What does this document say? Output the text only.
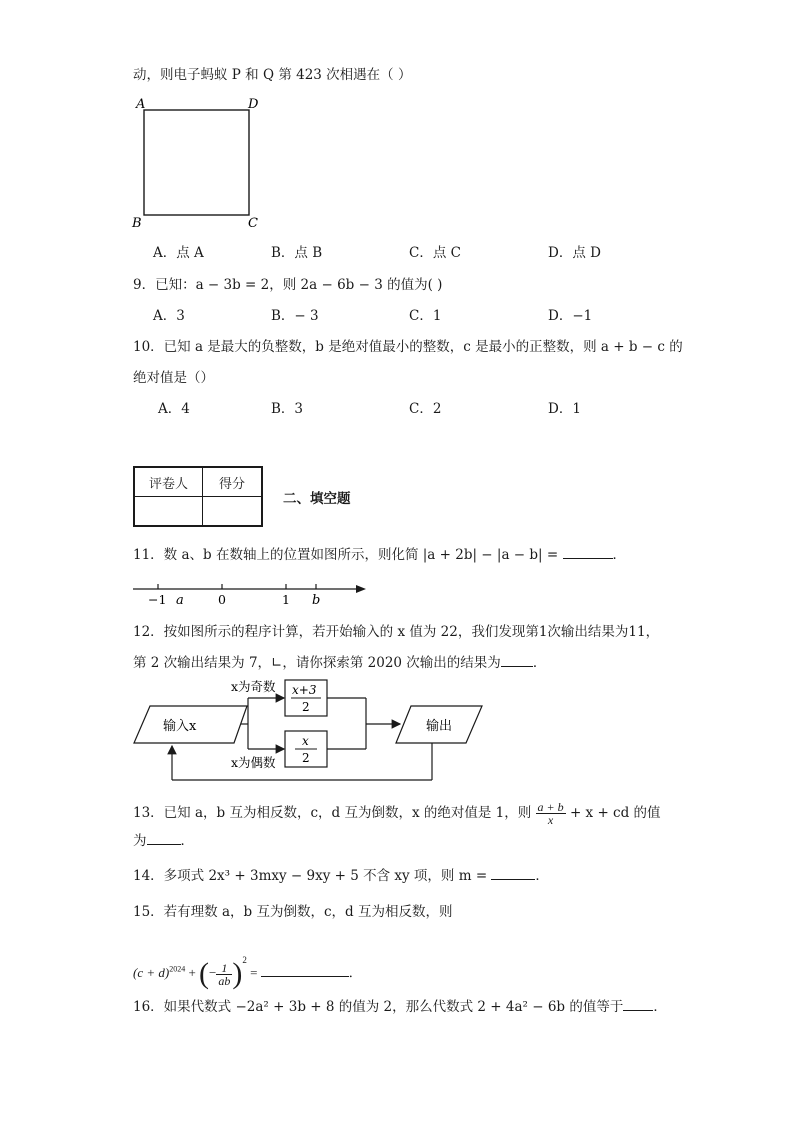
动，则电子蚂蚁 P 和 Q 第 423 次相遇在（ ）
A	D
B	C
A．点 A	B．点 B	C．点 C	D．点 D
9．已知：a − 3b = 2，则 2a − 6b − 3 的值为( )
A．3	B．− 3	C．1	D．−1
10．已知 a 是最大的负整数，b 是绝对值最小的整数，c 是最小的正整数，则 a + b − c 的
绝对值是（）
A．4	B．3	C．2	D．1
评卷人	得分

二、填空题
11．数 a、b 在数轴上的位置如图所示，则化简 |a + 2b| − |a − b| =	．
−1 a	0	1 b
12．按如图所示的程序计算，若开始输入的 x 值为 22，我们发现第1次输出结果为11，
第 2 次输出结果为 7，∟，请你探索第 2020 次输出的结果为 ．
输入x
x为奇数
x为偶数
x+3
2
x
2
输出
13．已知 a，b 互为相反数，c，d 互为倒数，x 的绝对值是 1，则 $\frac{a + b}{x} + x$ + cd 的值
为	．
14．多项式 2x³ + 3mxy − 9xy + 5 不含 xy 项，则 m =	．
15．若有理数 a，b 互为倒数，c，d 互为相反数，则
$(c + d)^{2024}$ + (− $\frac{1}{ab} )^2$ =	．
16．如果代数式 −2a² + 3b + 8 的值为 2，那么代数式 2 + 4a² − 6b 的值等于 ．
